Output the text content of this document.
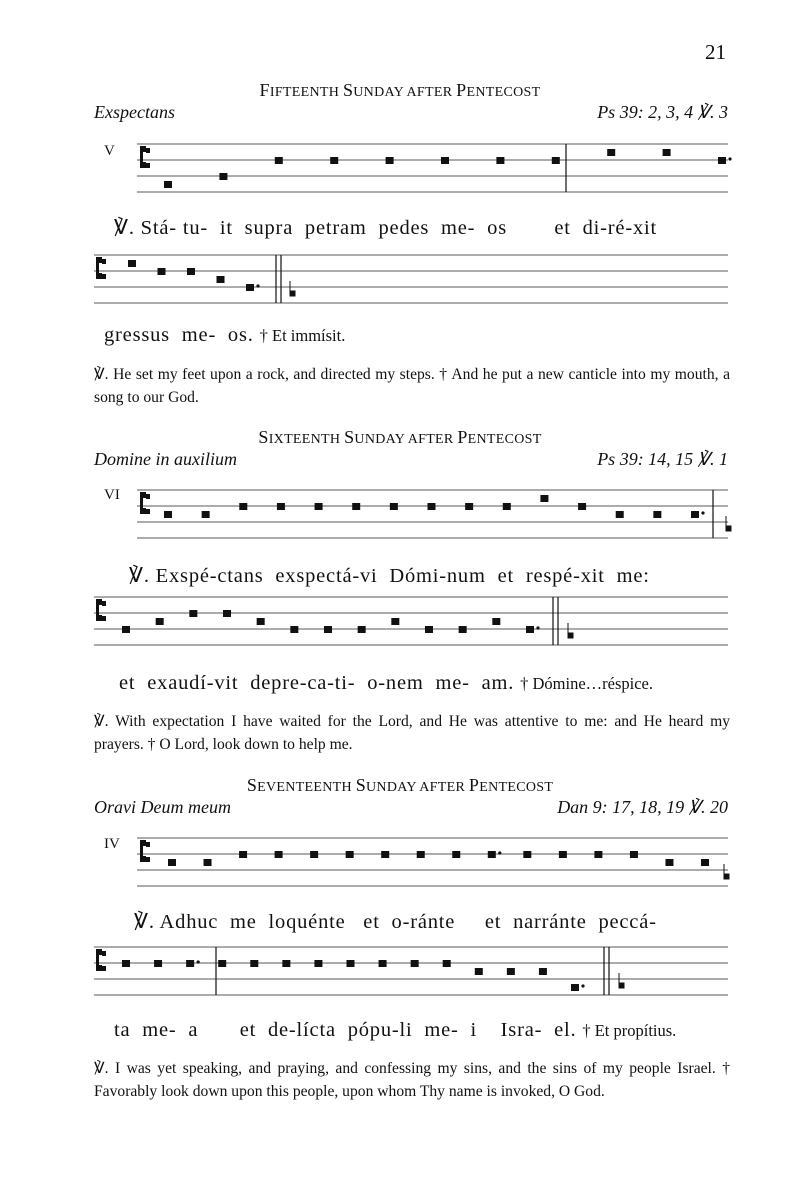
21
FIFTEENTH SUNDAY AFTER PENTECOST
Exspectans	Ps 39: 2, 3, 4 ℣. 3
V
℣. Stá- tu-  it  supra  petram  pedes  me-  os        et  di-ré-xit
gressus  me-  os. † Et immísit.
℣. He set my feet upon a rock, and directed my steps. † And he put a new canticle into my mouth, a song to our God.
SIXTEENTH SUNDAY AFTER PENTECOST
Domine in auxilium	Ps 39: 14, 15 ℣. 1
VI
℣. Exspé-ctans  exspectá-vi  Dómi-num  et  respé-xit  me:
et  exaudí-vit  depre-ca-ti-  o-nem  me-  am. † Dómine…réspice.
℣. With expectation I have waited for the Lord, and He was attentive to me: and He heard my prayers. † O Lord, look down to help me.
SEVENTEENTH SUNDAY AFTER PENTECOST
Oravi Deum meum	Dan 9: 17, 18, 19 ℣. 20
IV
℣. Adhuc  me  loquénte   et  o-ránte     et  narránte  peccá-
ta  me-  a       et  de-lícta  pópu-li  me-  i    Isra-  el. † Et propítius.
℣. I was yet speaking, and praying, and confessing my sins, and the sins of my people Israel. † Favorably look down upon this people, upon whom Thy name is invoked, O God.
